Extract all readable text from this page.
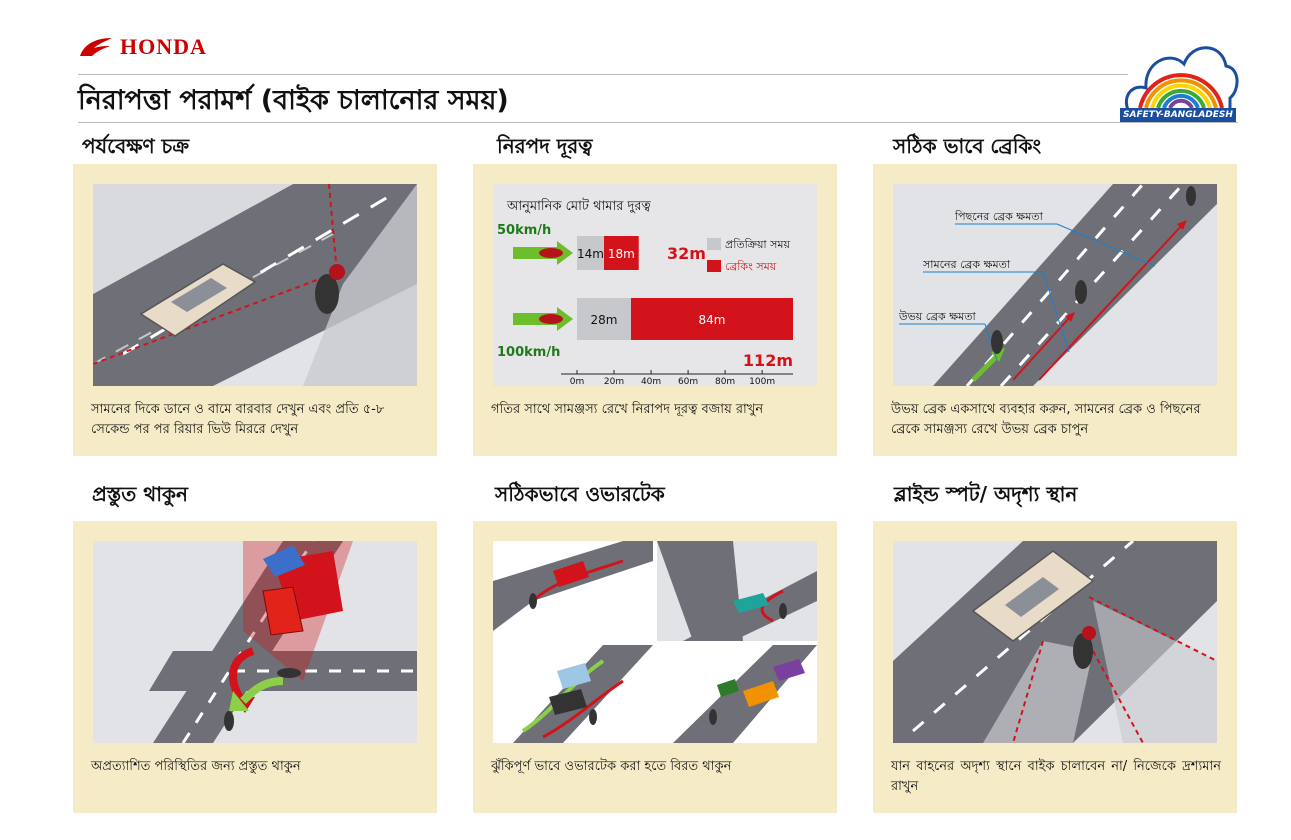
HONDA
নিরাপত্তা পরামর্শ (বাইক চালানোর সময়)	SAFETY-BANGLADESH
পর্যবেক্ষণ চক্র	নিরপদ দূরত্ব	সঠিক ভাবে ব্রেকিং
প্রস্তুত থাকুন	সঠিকভাবে ওভারটেক	ব্লাইন্ড স্পট/ অদৃশ্য স্থান
সামনের দিকে ডানে ও বামে বারবার দেখুন এবং প্রতি ৫-৮ সেকেন্ড পর পর রিয়ার ভিউ মিররে দেখুন
আনুমানিক মোট থামার দুরত্ব
14m 18m
50km/h
32m
28m	84m
100km/h	112m
0m 20m 40m 60m 80m 100m
প্রতিক্রিয়া সময়
ব্রেকিং সময়
গতির সাথে সামঞ্জস্য রেখে নিরাপদ দূরত্ব বজায় রাখুন
পিছনের ব্রেক ক্ষমতা
সামনের ব্রেক ক্ষমতা
উভয় ব্রেক ক্ষমতা
উভয় ব্রেক একসাথে ব্যবহার করুন, সামনের ব্রেক ও পিছনের ব্রেকে সামঞ্জস্য রেখে উভয় ব্রেক চাপুন
অপ্রত্যাশিত পরিস্থিতির জন্য প্রস্তুত থাকুন	ঝুঁকিপূর্ণ ভাবে ওভারটেক করা হতে বিরত থাকুন	যান বাহনের অদৃশ্য স্থানে বাইক চালাবেন না/ নিজেকে দ্রশ্যমান রাখুন
